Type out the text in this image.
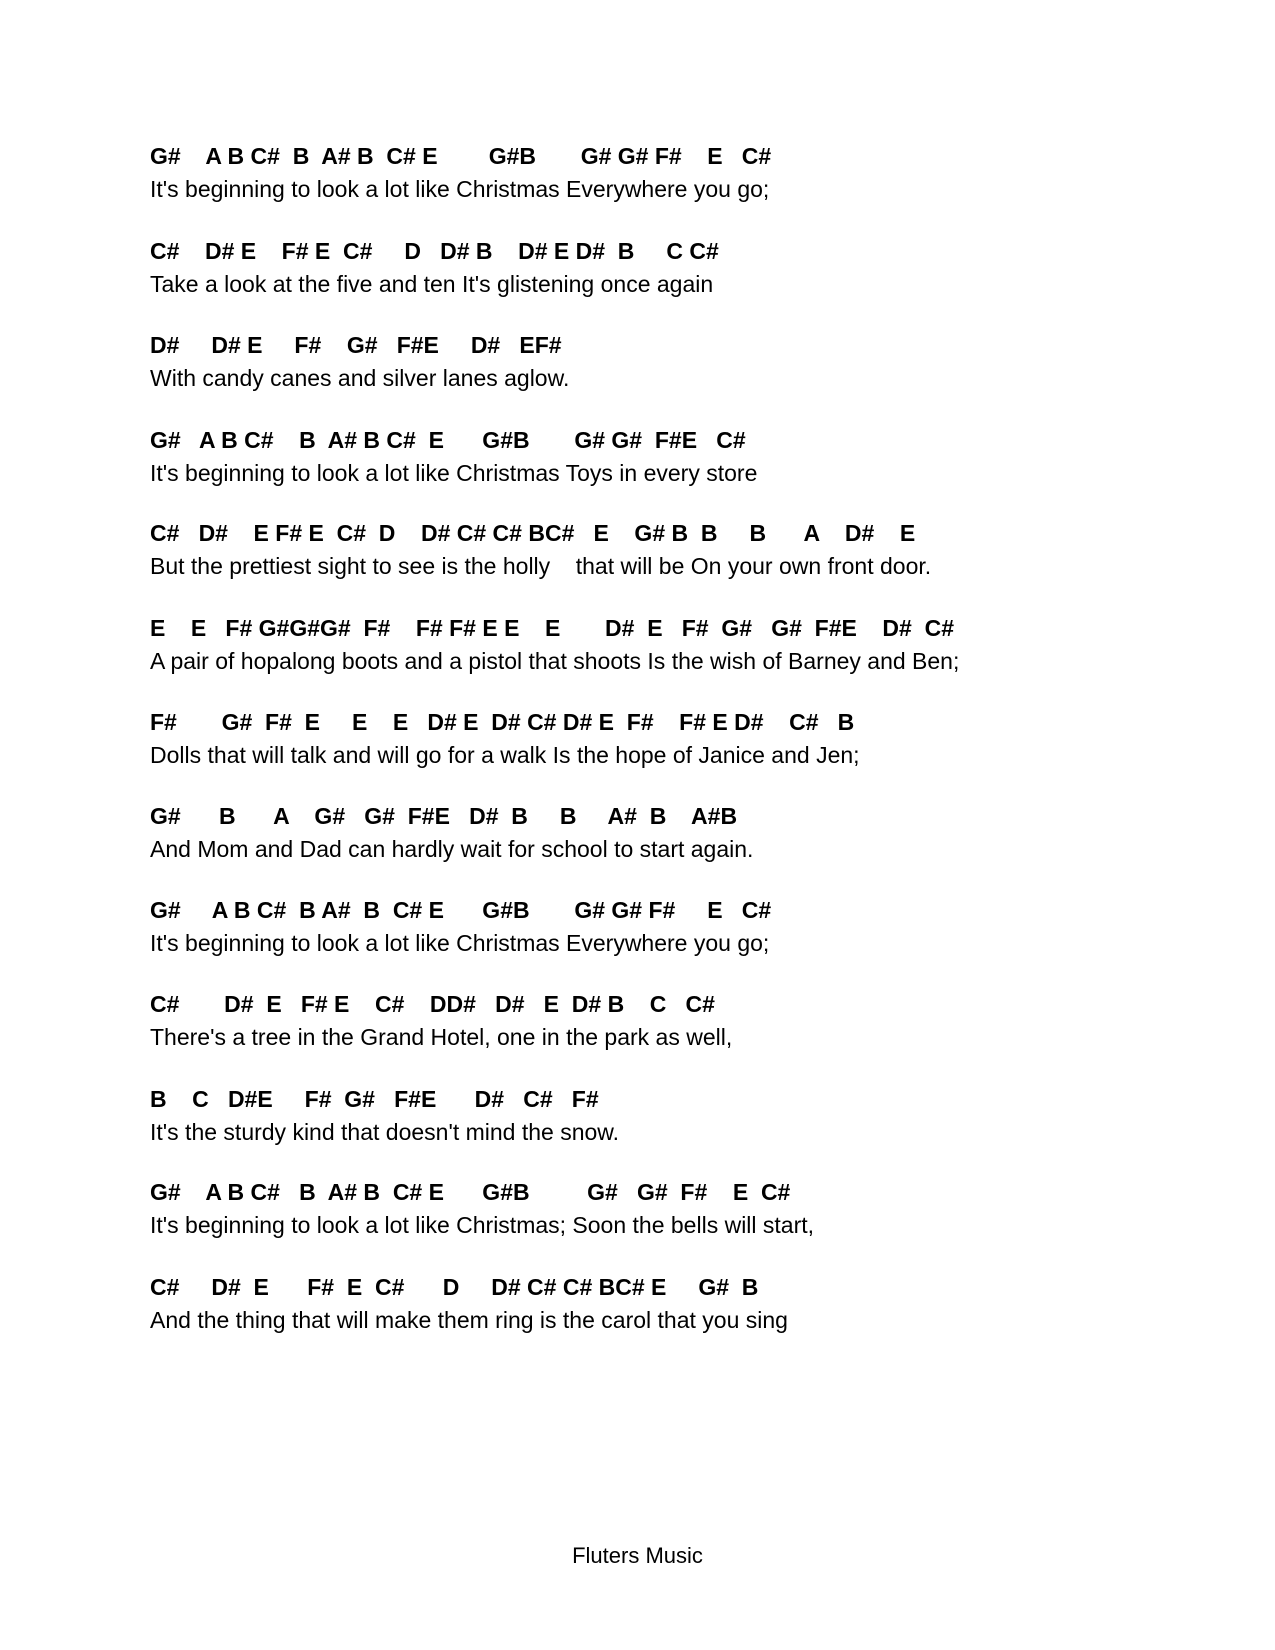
G#    A B C#  B  A# B  C# E        G#B       G# G# F#    E   C#
It's beginning to look a lot like Christmas Everywhere you go;
C#    D# E    F# E  C#     D   D# B    D# E D#  B     C C#
Take a look at the five and ten It's glistening once again
D#     D# E     F#    G#   F#E     D#   EF#
With candy canes and silver lanes aglow.
G#   A B C#    B  A# B C#  E      G#B       G# G#  F#E   C#
It's beginning to look a lot like Christmas Toys in every store
C#   D#    E F# E  C#  D    D# C# C# BC#   E    G# B  B     B      A    D#    E
But the prettiest sight to see is the holly    that will be On your own front door.
E    E   F# G#G#G#  F#    F# F# E E    E       D#  E   F#  G#   G#  F#E    D#  C#
A pair of hopalong boots and a pistol that shoots Is the wish of Barney and Ben;
F#       G#  F#  E     E    E   D# E  D# C# D# E  F#    F# E D#    C#   B
Dolls that will talk and will go for a walk Is the hope of Janice and Jen;
G#      B      A    G#   G#  F#E   D#  B     B     A#  B    A#B
And Mom and Dad can hardly wait for school to start again.
G#     A B C#  B A#  B  C# E      G#B       G# G# F#     E   C#
It's beginning to look a lot like Christmas Everywhere you go;
C#       D#  E   F# E    C#    DD#   D#   E  D# B    C   C#
There's a tree in the Grand Hotel, one in the park as well,
B    C   D#E     F#  G#   F#E      D#   C#   F#
It's the sturdy kind that doesn't mind the snow.
G#    A B C#   B  A# B  C# E      G#B         G#   G#  F#    E  C#
It's beginning to look a lot like Christmas; Soon the bells will start,
C#     D#  E      F#  E  C#      D     D# C# C# BC# E     G#  B
And the thing that will make them ring is the carol that you sing
Fluters Music
